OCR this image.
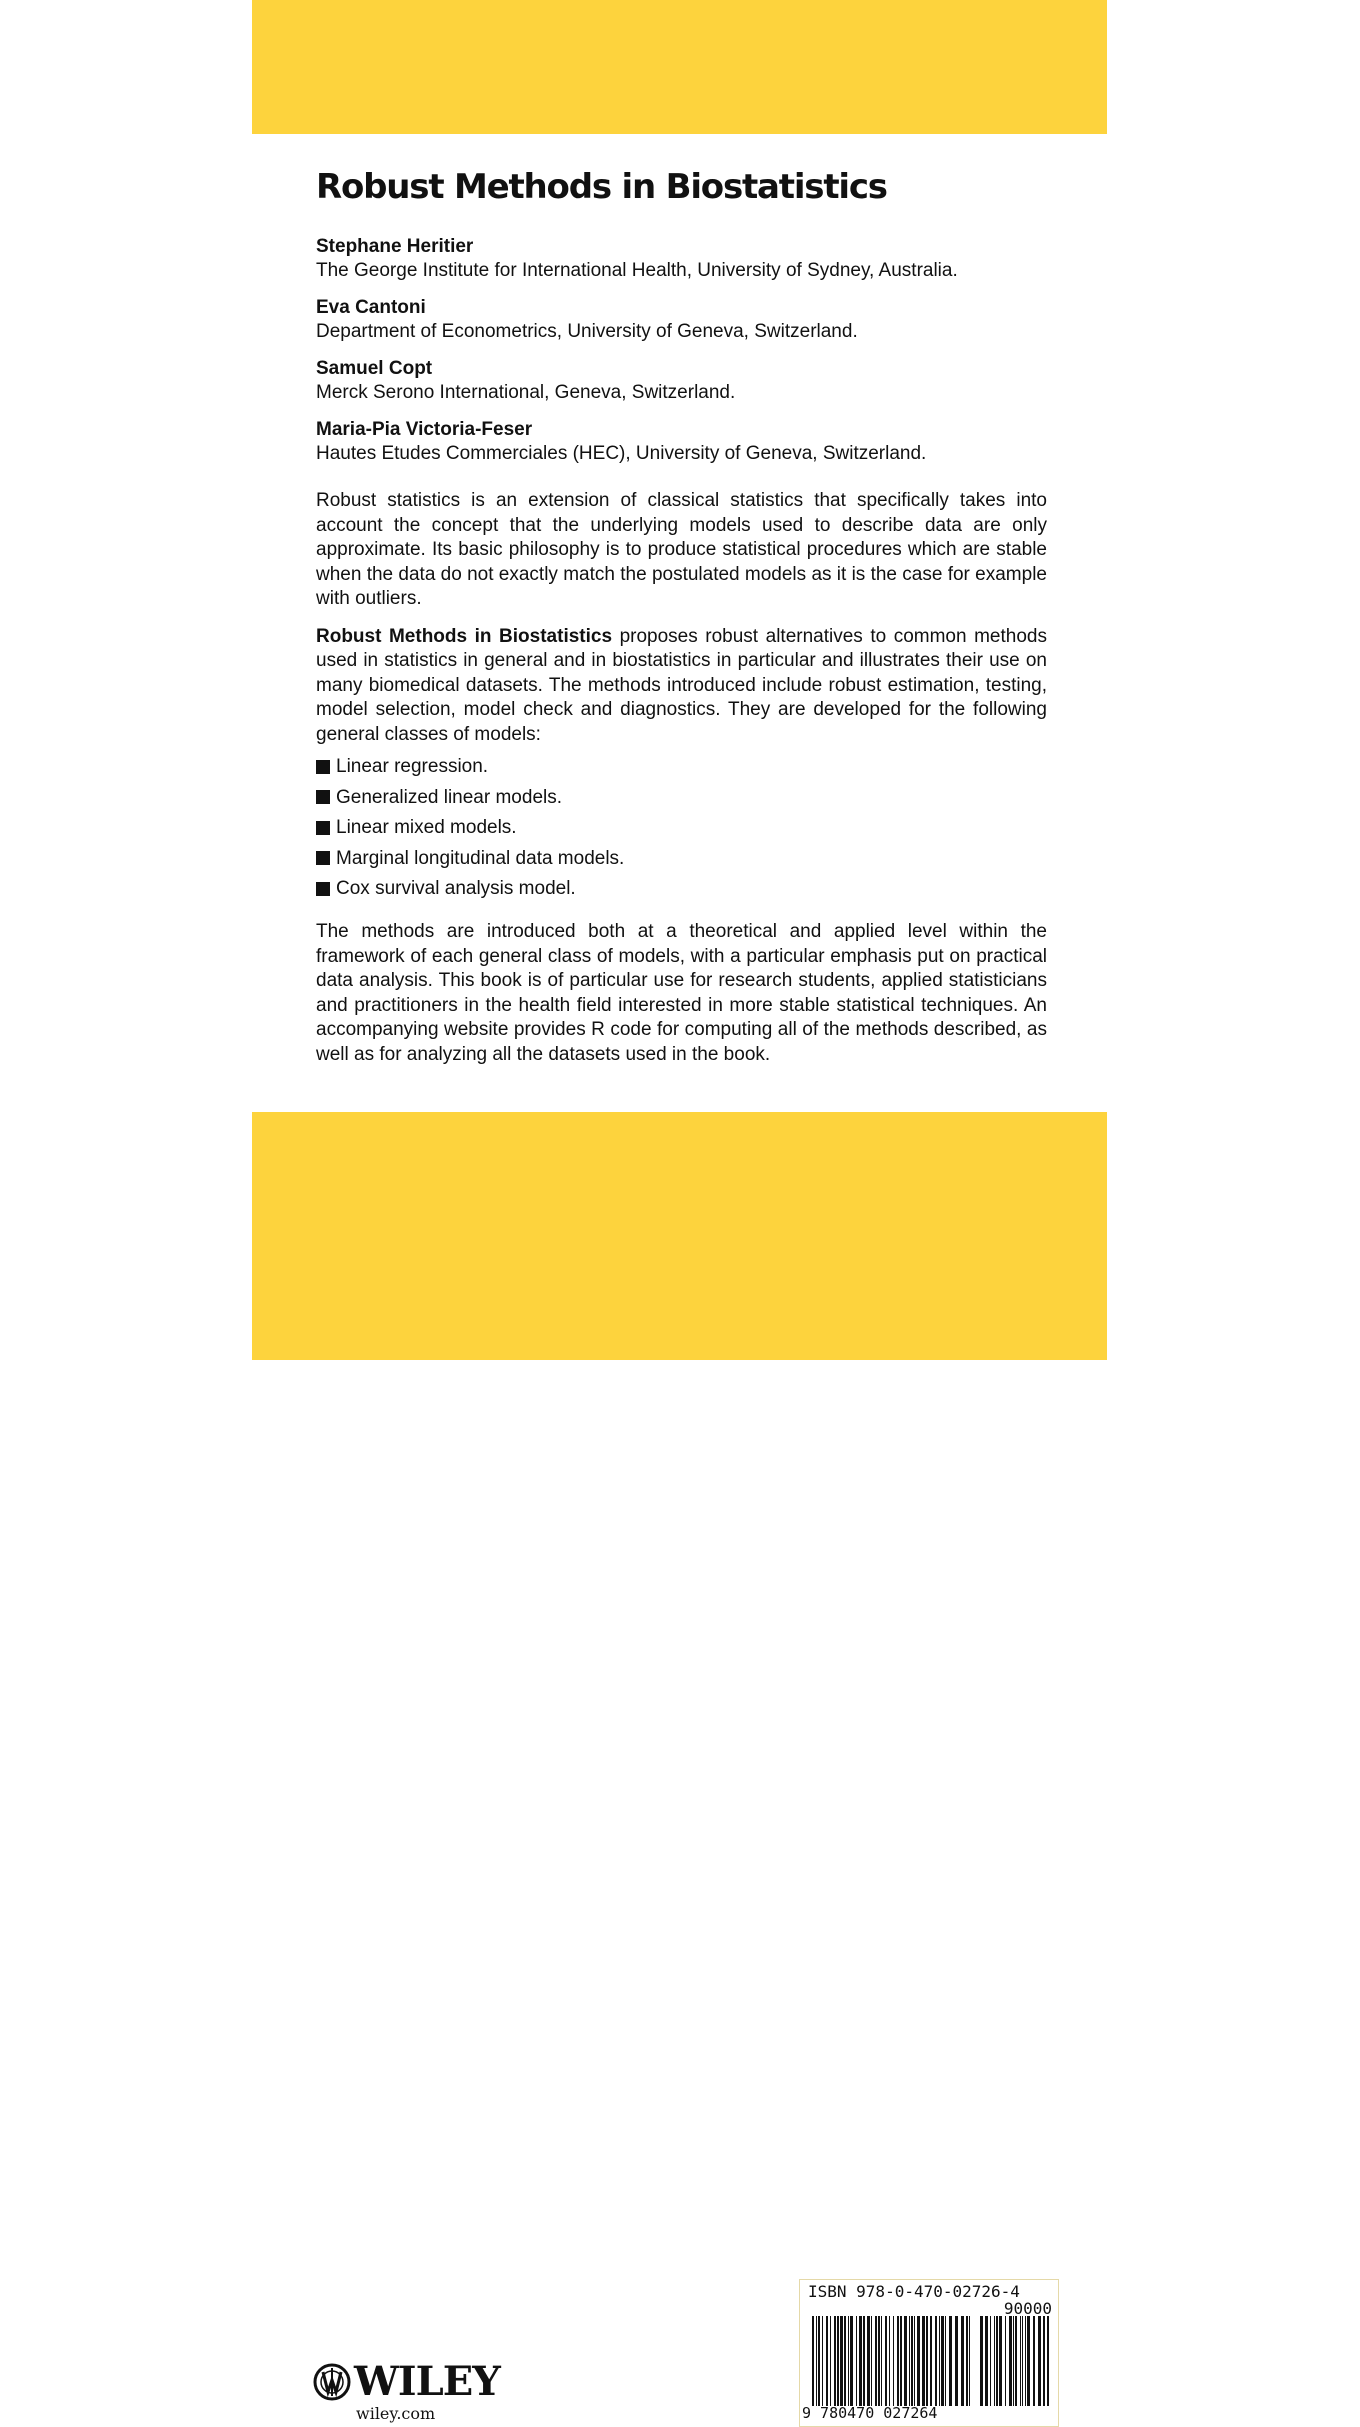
Robust Methods in Biostatistics
Stephane Heritier
The George Institute for International Health, University of Sydney, Australia.
Eva Cantoni
Department of Econometrics, University of Geneva, Switzerland.
Samuel Copt
Merck Serono International, Geneva, Switzerland.
Maria-Pia Victoria-Feser
Hautes Etudes Commerciales (HEC), University of Geneva, Switzerland.

Robust statistics is an extension of classical statistics that specifically takes into account the concept that the underlying models used to describe data are only approximate. Its basic philosophy is to produce statistical procedures which are stable when the data do not exactly match the postulated models as it is the case for example with outliers.

Robust Methods in Biostatistics proposes robust alternatives to common methods used in statistics in general and in biostatistics in particular and illustrates their use on many biomedical datasets. The methods introduced include robust estimation, testing, model selection, model check and diagnostics. They are developed for the following general classes of models:

Linear regression.
Generalized linear models.
Linear mixed models.
Marginal longitudinal data models.
Cox survival analysis model.

The methods are introduced both at a theoretical and applied level within the framework of each general class of models, with a particular emphasis put on practical data analysis. This book is of particular use for research students, applied statisticians and practitioners in the health field interested in more stable statistical techniques. An accompanying website provides R code for computing all of the methods described, as well as for analyzing all the datasets used in the book.

WILEY
wiley.com
ISBN 978-0-470-02726-4
90000
9 780470 027264
